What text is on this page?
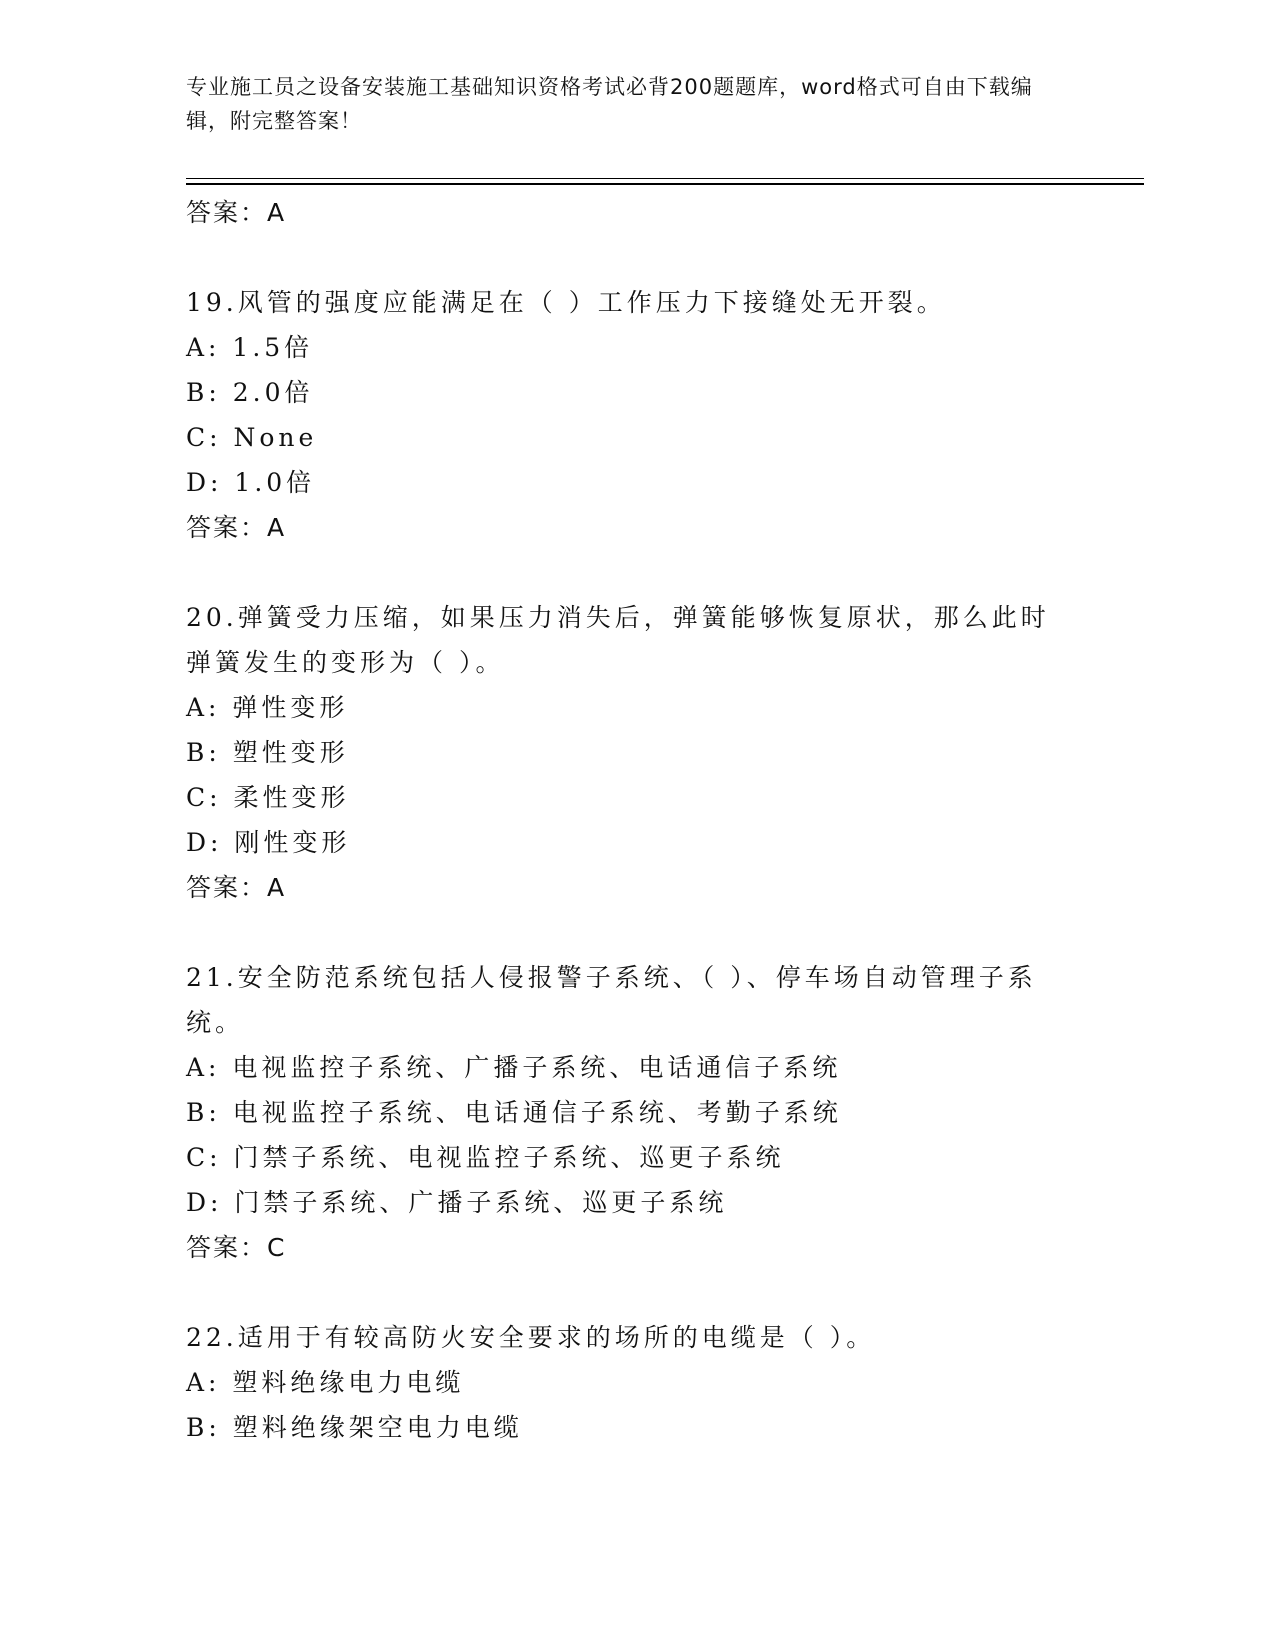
专业施工员之设备安装施工基础知识资格考试必背200题题库，word格式可自由下载编辑，附完整答案！
答案：A
19.风管的强度应能满足在（ ）工作压力下接缝处无开裂。
A: 1.5倍
B: 2.0倍
C: None
D: 1.0倍
答案：A
20.弹簧受力压缩，如果压力消失后，弹簧能够恢复原状，那么此时弹簧发生的变形为（ ）。
A: 弹性变形
B: 塑性变形
C: 柔性变形
D: 刚性变形
答案：A
21.安全防范系统包括人侵报警子系统、（ ）、停车场自动管理子系统。
A: 电视监控子系统、广播子系统、电话通信子系统
B: 电视监控子系统、电话通信子系统、考勤子系统
C: 门禁子系统、电视监控子系统、巡更子系统
D: 门禁子系统、广播子系统、巡更子系统
答案：C
22.适用于有较高防火安全要求的场所的电缆是（ ）。
A: 塑料绝缘电力电缆
B: 塑料绝缘架空电力电缆
